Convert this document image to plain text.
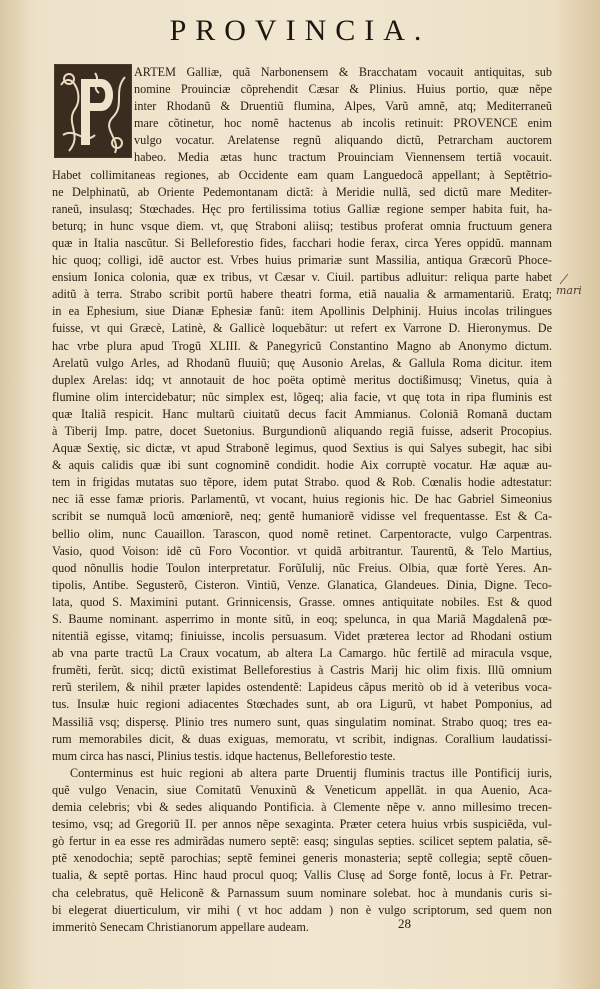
PROVINCIA.
ARTEM Galliæ, quã Narbonensem & Bracchatam vocauit antiquitas, sub
nomine Prouinciæ cõprehendit Cæsar & Plinius. Huius portio, quæ nẽpe
inter Rhodanũ & Druentiũ flumina, Alpes, Varũ amnẽ, atq; Mediterraneũ
mare cõtinetur, hoc nomẽ hactenus ab incolis retinuit: PROVENCE enim
vulgo vocatur. Arelatense regnũ aliquando dictũ, Petrarcham auctorem
habeo. Media ætas hunc tractum Prouinciam Viennensem tertiã vocauit.
Habet collimitaneas regiones, ab Occidente eam quam Languedocã appellant; à Septẽtrio-
ne Delphinatũ, ab Oriente Pedemontanam dictã: à Meridie nullã, sed dictũ mare Mediter-
raneũ, insulasq; Stœchades. Hęc pro fertilissima totius Galliæ regione semper habita fuit, ha-
beturq; in hunc vsque diem. vt, quę Straboni aliisq; testibus proferat omnia fructuum genera
quæ in Italia nascũtur. Si Belleforestio fides, facchari hodie ferax, circa Yeres oppidũ. mannam
hic quoq; colligi, idẽ auctor est. Vrbes huius primariæ sunt Massilia, antiqua Græcorũ Phoce-
ensium Ionica colonia, quæ ex tribus, vt Cæsar v. Ciuil. partibus adluitur: reliqua parte habet
aditũ à terra. Strabo scribit portũ habere theatri forma, etiã naualia & armamentariũ. Eratq;
in ea Ephesium, siue Dianæ Ephesiæ fanũ: item Apollinis Delphinij. Huius incolas trilingues
fuisse, vt qui Græcè, Latinè, & Gallicè loquebãtur: ut refert ex Varrone D. Hieronymus. De
hac vrbe plura apud Trogũ XLIII. & Panegyricũ Constantino Magno ab Anonymo dictum.
Arelatũ vulgo Arles, ad Rhodanũ fluuiũ; quę Ausonio Arelas, & Gallula Roma dicitur. item
duplex Arelas: idq; vt annotauit de hoc poëta optimè meritus doctißimusq; Vinetus, quia à
flumine olim intercidebatur; nũc simplex est, lõgeq; alia facie, vt quę tota in ripa fluminis est
quæ Italiã respicit. Hanc multarũ ciuitatũ decus facit Ammianus. Coloniã Romanã ductam
à Tiberij Imp. patre, docet Suetonius. Burgundionũ aliquando regiã fuisse, adserit Procopius.
Aquæ Sextię, sic dictæ, vt apud Strabonẽ legimus, quod Sextius is qui Salyes subegit, hac sibi
& aquis calidis quæ ibi sunt cognominẽ condidit. hodie Aix corruptè vocatur. Hæ aquæ au-
tem in frigidas mutatas suo tẽpore, idem putat Strabo. quod & Rob. Cœnalis hodie adtestatur:
nec iã esse famæ prioris. Parlamentũ, vt vocant, huius regionis hic. De hac Gabriel Simeonius
scribit se numquã locũ amœniorẽ, neq; gentẽ humaniorẽ vidisse vel frequentasse. Est & Ca-
bellio olim, nunc Cauaillon. Tarascon, quod nomẽ retinet. Carpentoracte, vulgo Carpentras.
Vasio, quod Voison: idẽ cũ Foro Vocontior. vt quidã arbitrantur. Taurentũ, & Telo Martius,
quod nõnullis hodie Toulon interpretatur. ForũIulij, nũc Freius. Olbia, quæ fortè Yeres. An-
tipolis, Antibe. Segusterõ, Cisteron. Vintiũ, Venze. Glanatica, Glandeues. Dinia, Digne. Teco-
lata, quod S. Maximini putant. Grinnicensis, Grasse. omnes antiquitate nobiles. Est & quod
S. Baume nominant. asperrimo in monte sitũ, in eoq; spelunca, in qua Mariã Magdalenã pœ-
nitentiã egisse, vitamq; finiuisse, incolis persuasum. Videt prӕterea lector ad Rhodani ostium
ab vna parte tractũ La Craux vocatum, ab altera La Camargo. hũc fertilẽ ad miracula vsque,
frumẽti, ferũt. sicq; dictũ existimat Belleforestius à Castris Marij hic olim fixis. Illũ omnium
rerũ sterilem, & nihil prӕter lapides ostendentẽ: Lapideus cãpus meritò ob id à veteribus voca-
tus. Insulæ huic regioni adiacentes Stœchades sunt, ab ora Ligurũ, vt habet Pomponius, ad
Massiliã vsq; dispersę. Plinio tres numero sunt, quas singulatim nominat. Strabo quoq; tres ea-
rum memorabiles dicit, & duas exiguas, memoratu, vt scribit, indignas. Corallium laudatissi-
mum circa has nasci, Plinius testis. idque hactenus, Belleforestio teste.
Conterminus est huic regioni ab altera parte Druentij fluminis tractus ille Pontificij iuris,
quẽ vulgo Venacin, siue Comitatũ Venuxinũ & Veneticum appellãt. in qua Auenio, Aca-
demia celebris; vbi & sedes aliquando Pontificia. à Clemente nẽpe v. anno millesimo trecen-
tesimo, vsq; ad Gregoriũ II. per annos nẽpe sexaginta. Prӕter cetera huius vrbis suspiciẽda, vul-
gò fertur in ea esse res admirãdas numero septẽ: easq; singulas septies. scilicet septem palatia, sẽ-
ptẽ xenodochia; septẽ parochias; septẽ feminei generis monasteria; septẽ collegia; septẽ cõuen-
tualia, & septẽ portas. Hinc haud procul quoq; Vallis Clusę ad Sorge fontẽ, locus à Fr. Petrar-
cha celebratus, quẽ Heliconẽ & Parnassum suum nominare solebat. hoc à mundanis curis si-
bi elegerat diuerticulum, vir mihi ( vt hoc addam ) non è vulgo scriptorum, sed quem non
immeritò Senecam Christianorum appellare audeam.
mari
28
